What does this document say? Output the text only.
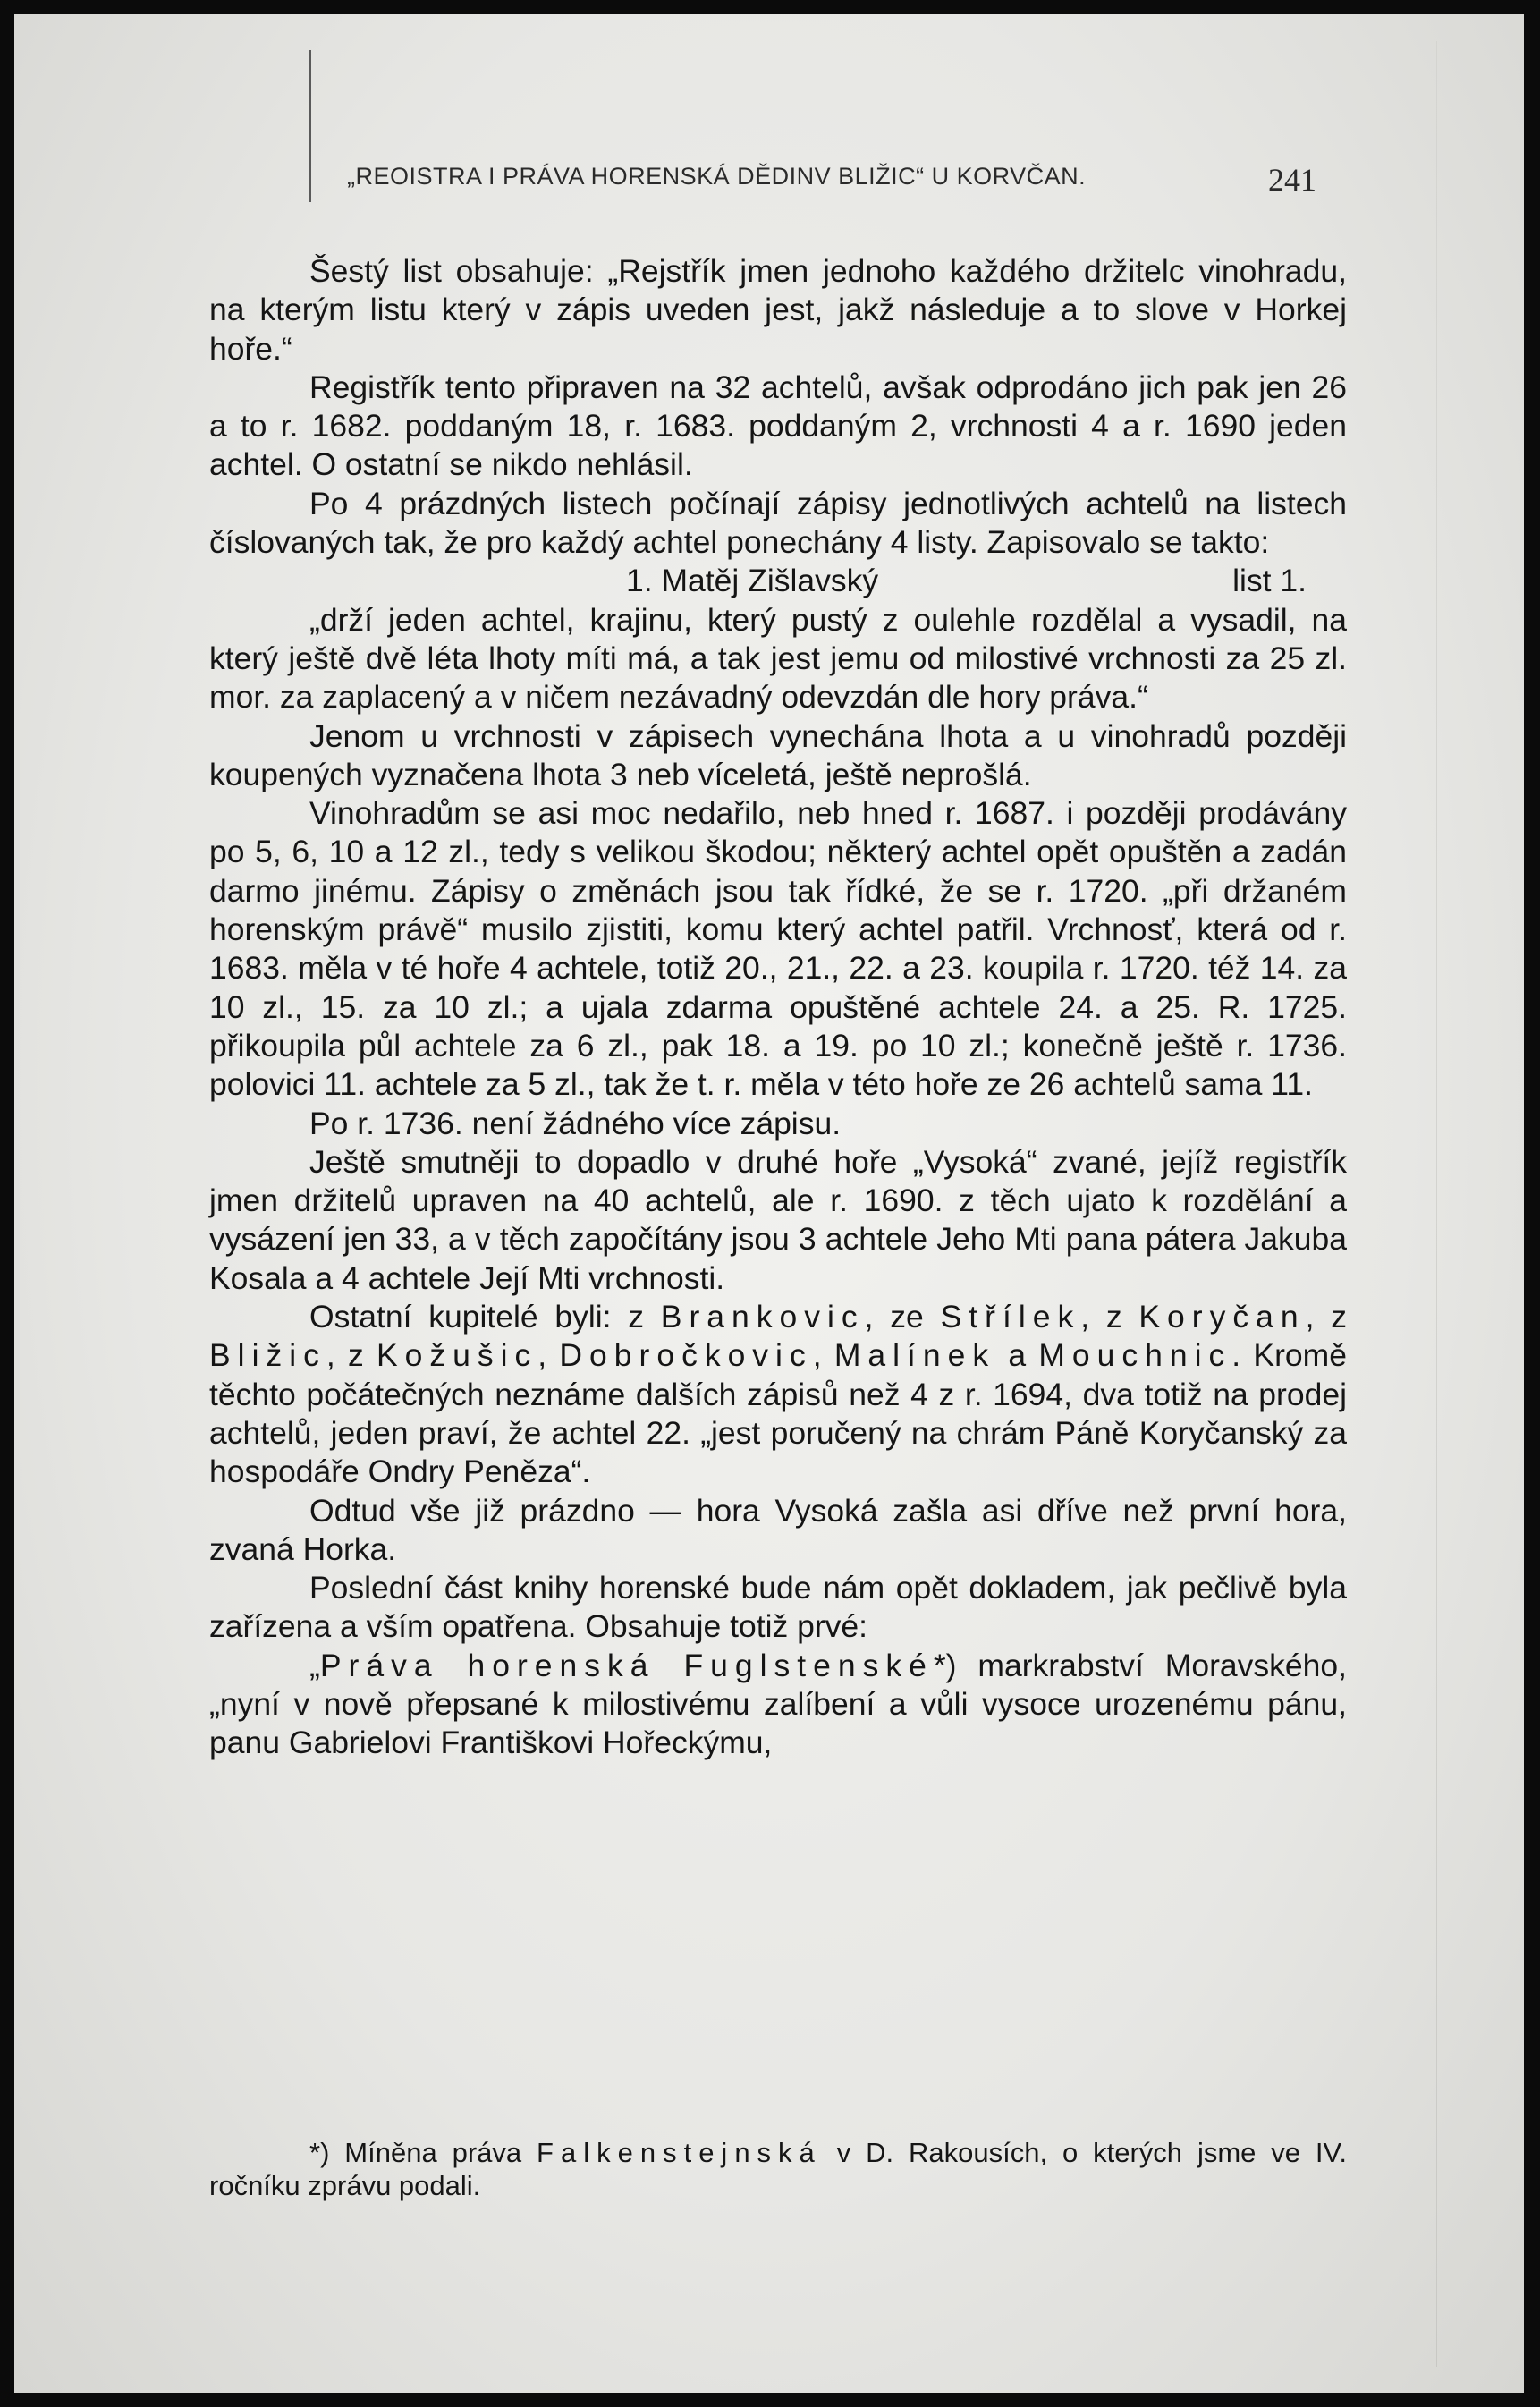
„REOISTRA I PRÁVA HORENSKÁ DĚDINV BLIŽIC“ U KORVČAN.	241

Šestý list obsahuje: „Rejstřík jmen jednoho každého držitelc vinohradu, na kterým listu který v zápis uveden jest, jakž následuje a to slove v Horkej hoře.“

Registřík tento připraven na 32 achtelů, avšak odprodáno jich pak jen 26 a to r. 1682. poddaným 18, r. 1683. poddaným 2, vrchnosti 4 a r. 1690 jeden achtel. O ostatní se nikdo nehlásil.

Po 4 prázdných listech počínají zápisy jednotlivých achtelů na listech číslovaných tak, že pro každý achtel ponechány 4 listy. Zapisovalo se takto:

1. Matěj Zišlavský	list 1.

„drží jeden achtel, krajinu, který pustý z oulehle rozdělal a vysadil, na který ještě dvě léta lhoty míti má, a tak jest jemu od milostivé vrchnosti za 25 zl. mor. za zaplacený a v ničem nezávadný odevzdán dle hory práva.“

Jenom u vrchnosti v zápisech vynechána lhota a u vinohradů později koupených vyznačena lhota 3 neb víceletá, ještě neprošlá.

Vinohradům se asi moc nedařilo, neb hned r. 1687. i později prodávány po 5, 6, 10 a 12 zl., tedy s velikou škodou; některý achtel opět opuštěn a zadán darmo jinému. Zápisy o změnách jsou tak řídké, že se r. 1720. „při držaném horenským právě“ musilo zjistiti, komu který achtel patřil. Vrchnosť, která od r. 1683. měla v té hoře 4 achtele, totiž 20., 21., 22. a 23. koupila r. 1720. též 14. za 10 zl., 15. za 10 zl.; a ujala zdarma opuštěné achtele 24. a 25. R. 1725. přikoupila půl achtele za 6 zl., pak 18. a 19. po 10 zl.; konečně ještě r. 1736. polovici 11. achtele za 5 zl., tak že t. r. měla v této hoře ze 26 achtelů sama 11.

Po r. 1736. není žádného více zápisu.

Ještě smutněji to dopadlo v druhé hoře „Vysoká“ zvané, jejíž registřík jmen držitelů upraven na 40 achtelů, ale r. 1690. z těch ujato k rozdělání a vysázení jen 33, a v těch započítány jsou 3 achtele Jeho Mti pana pátera Jakuba Kosala a 4 achtele Její Mti vrchnosti.

Ostatní kupitelé byli: z Brankovic, ze Střílek, z Koryčan, z Bližic, z Kožušic, Dobročkovic, Malínek a Mouchnic. Kromě těchto počátečných neznáme dalších zápisů než 4 z r. 1694, dva totiž na prodej achtelů, jeden praví, že achtel 22. „jest poručený na chrám Páně Koryčanský za hospodáře Ondry Peněza“.

Odtud vše již prázdno — hora Vysoká zašla asi dříve než první hora, zvaná Horka.

Poslední část knihy horenské bude nám opět dokladem, jak pečlivě byla zařízena a vším opatřena. Obsahuje totiž prvé:

„Práva horenská Fuglstenské*) markrabství Moravského, „nyní v nově přepsané k milostivému zalíbení a vůli vysoce urozenému pánu, panu Gabrielovi Františkovi Hořeckýmu,

*) Míněna práva Falkenstejnská v D. Rakousích, o kterých jsme ve IV. ročníku zprávu podali.
